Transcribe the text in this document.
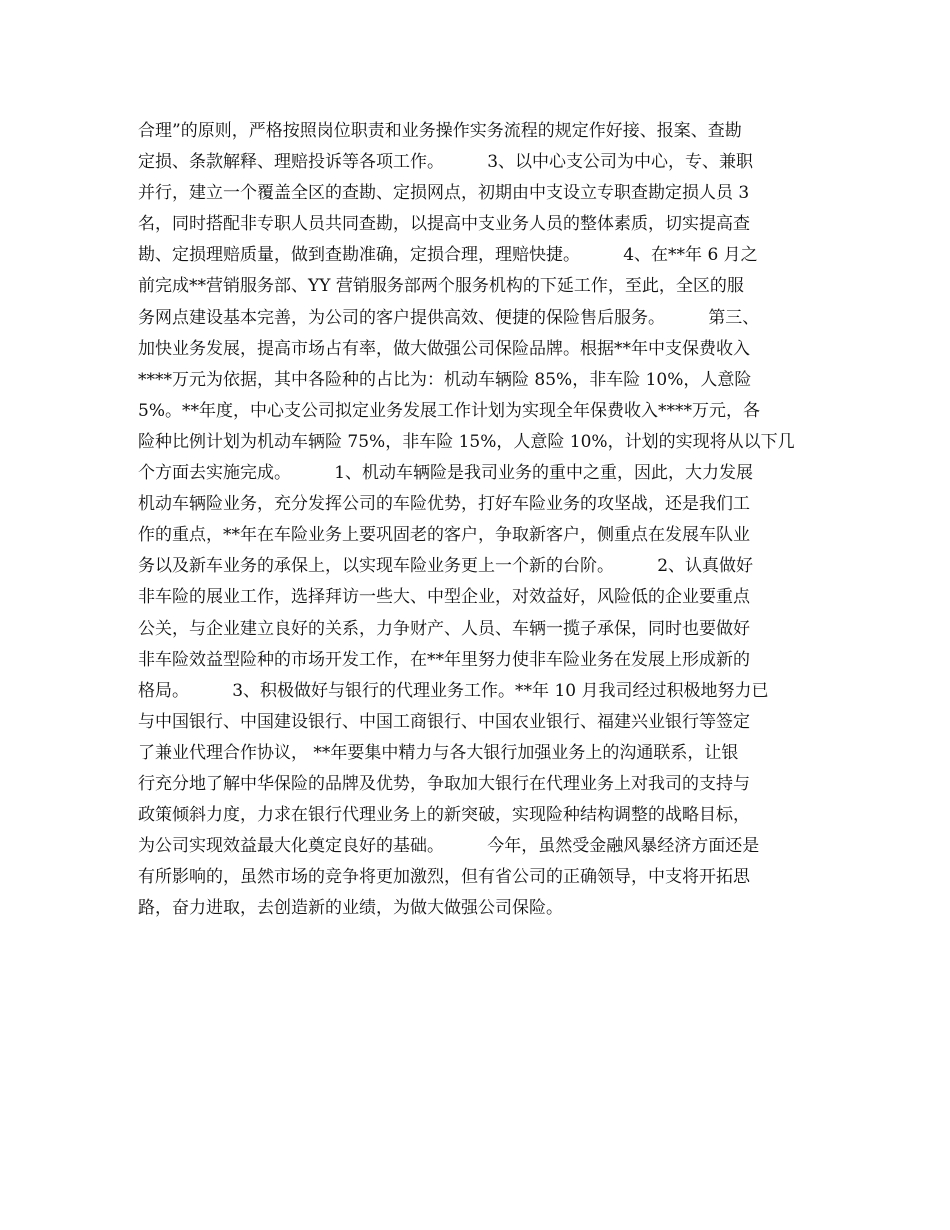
合理”的原则，严格按照岗位职责和业务操作实务流程的规定作好接、报案、查勘
定损、条款解释、理赔投诉等各项工作。        3、以中心支公司为中心，专、兼职
并行，建立一个覆盖全区的查勘、定损网点，初期由中支设立专职查勘定损人员 3
名，同时搭配非专职人员共同查勘，以提高中支业务人员的整体素质，切实提高查
勘、定损理赔质量，做到查勘准确，定损合理，理赔快捷。        4、在**年 6 月之
前完成**营销服务部、YY 营销服务部两个服务机构的下延工作，至此，全区的服
务网点建设基本完善，为公司的客户提供高效、便捷的保险售后服务。        第三、
加快业务发展，提高市场占有率，做大做强公司保险品牌。根据**年中支保费收入
****万元为依据，其中各险种的占比为：机动车辆险 85%，非车险 10%，人意险
5%。**年度，中心支公司拟定业务发展工作计划为实现全年保费收入****万元，各
险种比例计划为机动车辆险 75%，非车险 15%，人意险 10%，计划的实现将从以下几
个方面去实施完成。        1、机动车辆险是我司业务的重中之重，因此，大力发展
机动车辆险业务，充分发挥公司的车险优势，打好车险业务的攻坚战，还是我们工
作的重点，**年在车险业务上要巩固老的客户，争取新客户，侧重点在发展车队业
务以及新车业务的承保上，以实现车险业务更上一个新的台阶。        2、认真做好
非车险的展业工作，选择拜访一些大、中型企业，对效益好，风险低的企业要重点
公关，与企业建立良好的关系，力争财产、人员、车辆一揽子承保，同时也要做好
非车险效益型险种的市场开发工作，在**年里努力使非车险业务在发展上形成新的
格局。        3、积极做好与银行的代理业务工作。**年 10 月我司经过积极地努力已
与中国银行、中国建设银行、中国工商银行、中国农业银行、福建兴业银行等签定
了兼业代理合作协议， **年要集中精力与各大银行加强业务上的沟通联系，让银
行充分地了解中华保险的品牌及优势，争取加大银行在代理业务上对我司的支持与
政策倾斜力度，力求在银行代理业务上的新突破，实现险种结构调整的战略目标，
为公司实现效益最大化奠定良好的基础。        今年，虽然受金融风暴经济方面还是
有所影响的，虽然市场的竞争将更加激烈，但有省公司的正确领导，中支将开拓思
路，奋力进取，去创造新的业绩，为做大做强公司保险。
